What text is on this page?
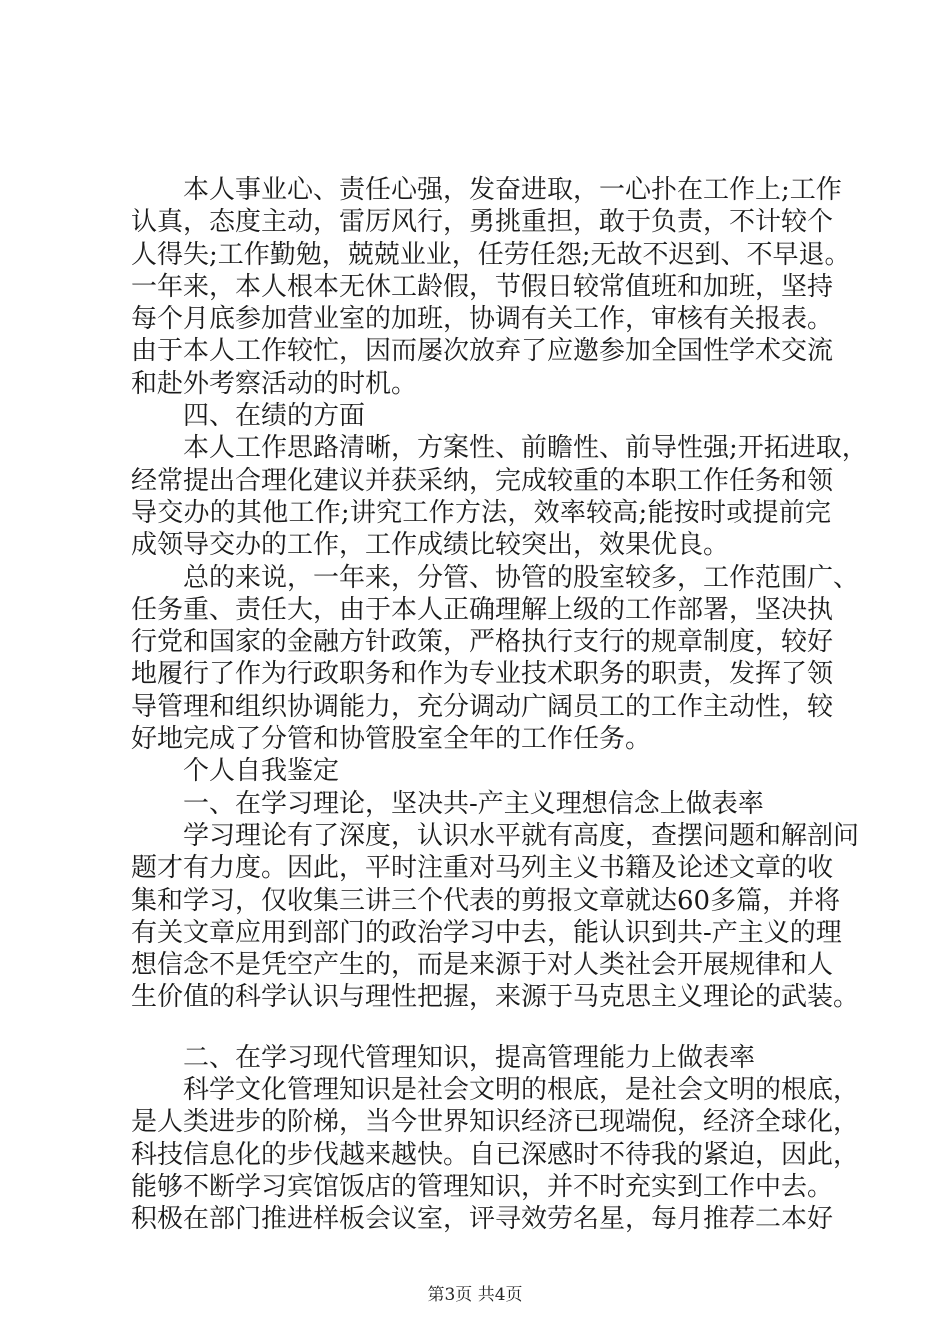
本人事业心、责任心强，发奋进取，一心扑在工作上;工作
认真，态度主动，雷厉风行，勇挑重担，敢于负责，不计较个
人得失;工作勤勉，兢兢业业，任劳任怨;无故不迟到、不早退。
一年来，本人根本无休工龄假，节假日较常值班和加班，坚持
每个月底参加营业室的加班，协调有关工作，审核有关报表。
由于本人工作较忙，因而屡次放弃了应邀参加全国性学术交流
和赴外考察活动的时机。
四、在绩的方面
本人工作思路清晰，方案性、前瞻性、前导性强;开拓进取，
经常提出合理化建议并获采纳，完成较重的本职工作任务和领
导交办的其他工作;讲究工作方法，效率较高;能按时或提前完
成领导交办的工作，工作成绩比较突出，效果优良。
总的来说，一年来，分管、协管的股室较多，工作范围广、
任务重、责任大，由于本人正确理解上级的工作部署，坚决执
行党和国家的金融方针政策，严格执行支行的规章制度，较好
地履行了作为行政职务和作为专业技术职务的职责，发挥了领
导管理和组织协调能力，充分调动广阔员工的工作主动性，较
好地完成了分管和协管股室全年的工作任务。
个人自我鉴定
一、在学习理论，坚决共-产主义理想信念上做表率
学习理论有了深度，认识水平就有高度，查摆问题和解剖问
题才有力度。因此，平时注重对马列主义书籍及论述文章的收
集和学习，仅收集三讲三个代表的剪报文章就达60多篇，并将
有关文章应用到部门的政治学习中去，能认识到共-产主义的理
想信念不是凭空产生的，而是来源于对人类社会开展规律和人
生价值的科学认识与理性把握，来源于马克思主义理论的武装。
二、在学习现代管理知识，提高管理能力上做表率
科学文化管理知识是社会文明的根底，是社会文明的根底，
是人类进步的阶梯，当今世界知识经济已现端倪，经济全球化，
科技信息化的步伐越来越快。自已深感时不待我的紧迫，因此，
能够不断学习宾馆饭店的管理知识，并不时充实到工作中去。
积极在部门推进样板会议室，评寻效劳名星，每月推荐二本好
第3页 共4页
